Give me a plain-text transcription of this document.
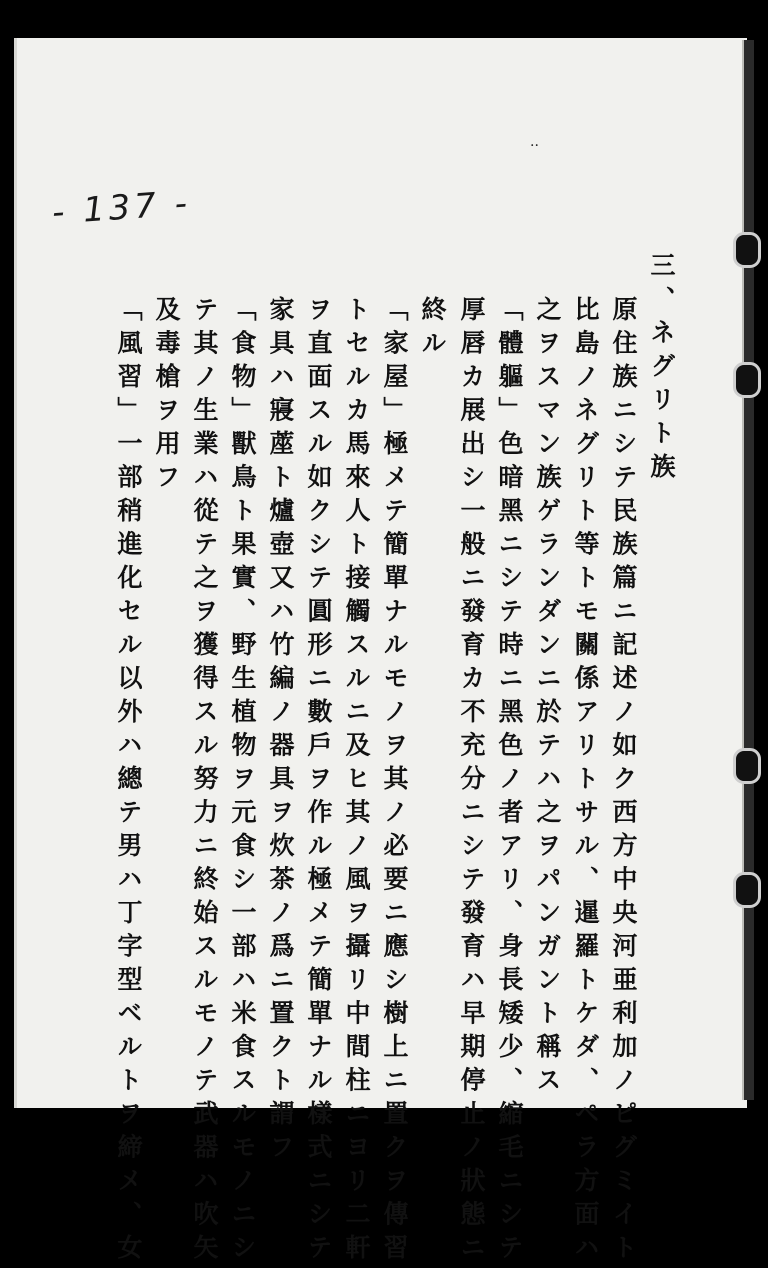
- 137 -
..
三、ネグリト族
原住族ニシテ民族篇ニ記述ノ如ク西方中央河亜利加ノピグミイト
比島ノネグリト等トモ關係アリトサル、暹羅トケダ、ペラ方面ハ
之ヲスマン族ゲランダンニ於テハ之ヲパンガント稱ス
「體軀」色暗黑ニシテ時ニ黑色ノ者アリ、身長矮少、縮毛ニシテ
厚唇カ展出シ一般ニ發育カ不充分ニシテ發育ハ早期停止ノ狀態ニ
終ル
「家屋」極メテ簡單ナルモノヲ其ノ必要ニ應シ樹上ニ置クヲ傳習
トセルカ馬來人ト接觸スルニ及ヒ其ノ風ヲ攝リ中間柱ニヨリ二軒
ヲ直面スル如クシテ圓形ニ數戶ヲ作ル極メテ簡單ナル樣式ニシテ
家具ハ寢蓙ト爐壺又ハ竹編ノ器具ヲ炊茶ノ爲ニ置クト謂フ
「食物」獸鳥ト果實、野生植物ヲ元食シ一部ハ米食スルモノニシ
テ其ノ生業ハ從テ之ヲ獲得スル努力ニ終始スルモノテ武器ハ吹矢
及毒槍ヲ用フ
「風習」一部稍進化セル以外ハ總テ男ハ丁字型ベルトヲ締メ、女
